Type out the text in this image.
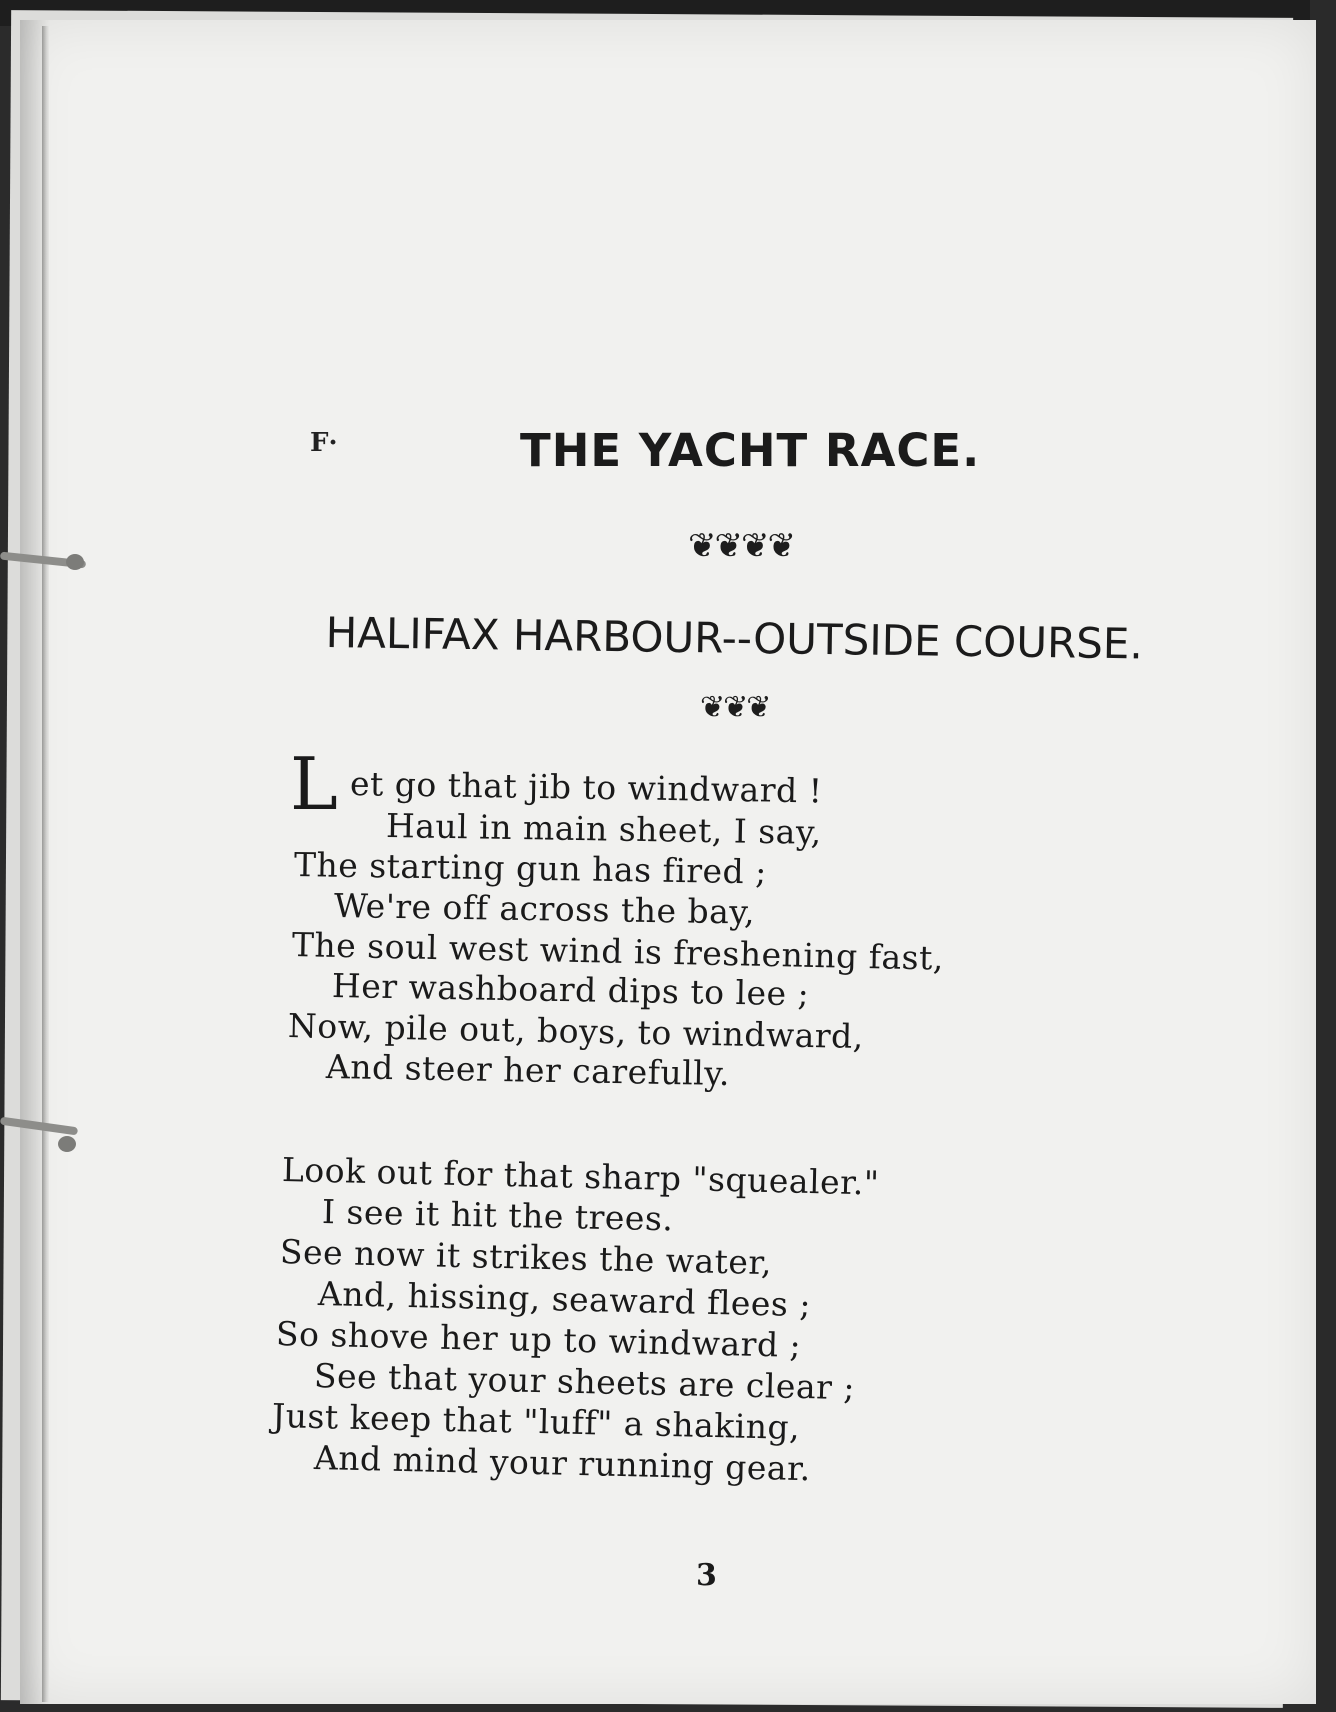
F·	THE YACHT RACE.
❦❦❦❦
HALIFAX HARBOUR--OUTSIDE COURSE.
❦❦❦
L et go that jib to windward !
Haul in main sheet, I say,
The starting gun has fired ;
We're off across the bay,
The soul west wind is freshening fast,
Her washboard dips to lee ;
Now, pile out, boys, to windward,
And steer her carefully.
Look out for that sharp "squealer."
I see it hit the trees.
See now it strikes the water,
And, hissing, seaward flees ;
So shove her up to windward ;
See that your sheets are clear ;
Just keep that "luff" a shaking,
And mind your running gear.
3
